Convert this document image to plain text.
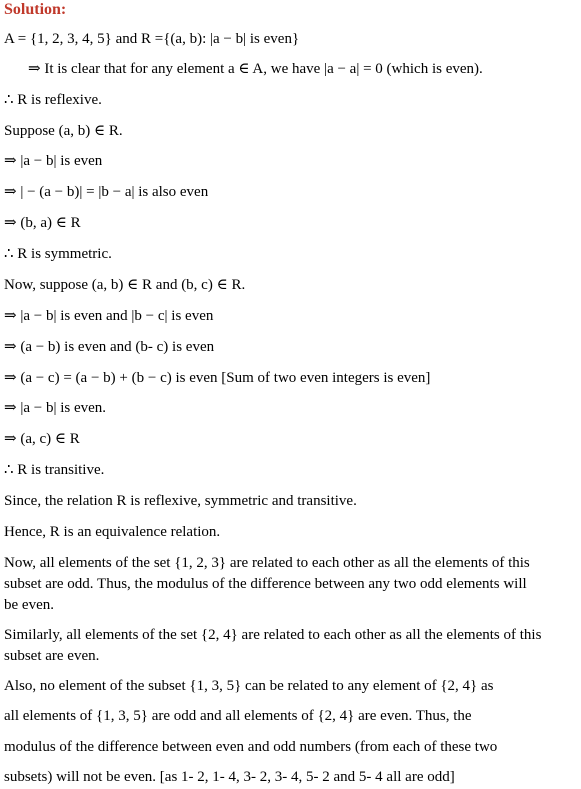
Solution:
A = {1, 2, 3, 4, 5} and R ={(a, b): |a − b| is even}
⇒ It is clear that for any element a ∈ A, we have |a − a| = 0 (which is even).
∴ R is reflexive.
Suppose (a, b) ∈ R.
⇒ |a − b| is even
⇒ | − (a − b)| = |b − a| is also even
⇒ (b, a) ∈ R
∴ R is symmetric.
Now, suppose (a, b) ∈ R and (b, c) ∈ R.
⇒ |a − b| is even and |b − c| is even
⇒ (a − b) is even and (b- c) is even
⇒ (a − c) = (a − b) + (b − c) is even [Sum of two even integers is even]
⇒ |a − b| is even.
⇒ (a, c) ∈ R
∴ R is transitive.
Since, the relation R is reflexive, symmetric and transitive.
Hence, R is an equivalence relation.
Now, all elements of the set {1, 2, 3} are related to each other as all the elements of this
subset are odd. Thus, the modulus of the difference between any two odd elements will
be even.
Similarly, all elements of the set {2, 4} are related to each other as all the elements of this
subset are even.
Also, no element of the subset {1, 3, 5} can be related to any element of {2, 4} as
all elements of {1, 3, 5} are odd and all elements of {2, 4} are even. Thus, the
modulus of the difference between even and odd numbers (from each of these two
subsets) will not be even. [as 1- 2, 1- 4, 3- 2, 3- 4, 5- 2 and 5- 4 all are odd]
